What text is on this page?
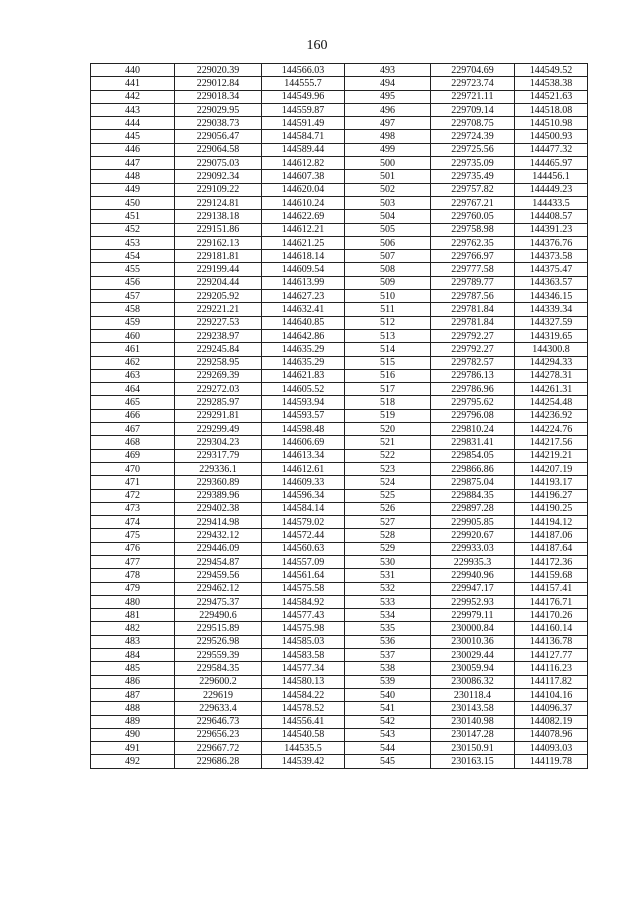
160
440	229020.39	144566.03	493	229704.69	144549.52
441	229012.84	144555.7	494	229723.74	144538.38
442	229018.34	144549.96	495	229721.11	144521.63
443	229029.95	144559.87	496	229709.14	144518.08
444	229038.73	144591.49	497	229708.75	144510.98
445	229056.47	144584.71	498	229724.39	144500.93
446	229064.58	144589.44	499	229725.56	144477.32
447	229075.03	144612.82	500	229735.09	144465.97
448	229092.34	144607.38	501	229735.49	144456.1
449	229109.22	144620.04	502	229757.82	144449.23
450	229124.81	144610.24	503	229767.21	144433.5
451	229138.18	144622.69	504	229760.05	144408.57
452	229151.86	144612.21	505	229758.98	144391.23
453	229162.13	144621.25	506	229762.35	144376.76
454	229181.81	144618.14	507	229766.97	144373.58
455	229199.44	144609.54	508	229777.58	144375.47
456	229204.44	144613.99	509	229789.77	144363.57
457	229205.92	144627.23	510	229787.56	144346.15
458	229221.21	144632.41	511	229781.84	144339.34
459	229227.53	144640.85	512	229781.84	144327.59
460	229238.97	144642.86	513	229792.27	144319.65
461	229245.84	144635.29	514	229792.27	144300.8
462	229258.95	144635.29	515	229782.57	144294.33
463	229269.39	144621.83	516	229786.13	144278.31
464	229272.03	144605.52	517	229786.96	144261.31
465	229285.97	144593.94	518	229795.62	144254.48
466	229291.81	144593.57	519	229796.08	144236.92
467	229299.49	144598.48	520	229810.24	144224.76
468	229304.23	144606.69	521	229831.41	144217.56
469	229317.79	144613.34	522	229854.05	144219.21
470	229336.1	144612.61	523	229866.86	144207.19
471	229360.89	144609.33	524	229875.04	144193.17
472	229389.96	144596.34	525	229884.35	144196.27
473	229402.38	144584.14	526	229897.28	144190.25
474	229414.98	144579.02	527	229905.85	144194.12
475	229432.12	144572.44	528	229920.67	144187.06
476	229446.09	144560.63	529	229933.03	144187.64
477	229454.87	144557.09	530	229935.3	144172.36
478	229459.56	144561.64	531	229940.96	144159.68
479	229462.12	144575.58	532	229947.17	144157.41
480	229475.37	144584.92	533	229952.93	144176.71
481	229490.6	144577.43	534	229979.11	144170.26
482	229515.89	144575.98	535	230000.84	144160.14
483	229526.98	144585.03	536	230010.36	144136.78
484	229559.39	144583.58	537	230029.44	144127.77
485	229584.35	144577.34	538	230059.94	144116.23
486	229600.2	144580.13	539	230086.32	144117.82
487	229619	144584.22	540	230118.4	144104.16
488	229633.4	144578.52	541	230143.58	144096.37
489	229646.73	144556.41	542	230140.98	144082.19
490	229656.23	144540.58	543	230147.28	144078.96
491	229667.72	144535.5	544	230150.91	144093.03
492	229686.28	144539.42	545	230163.15	144119.78
